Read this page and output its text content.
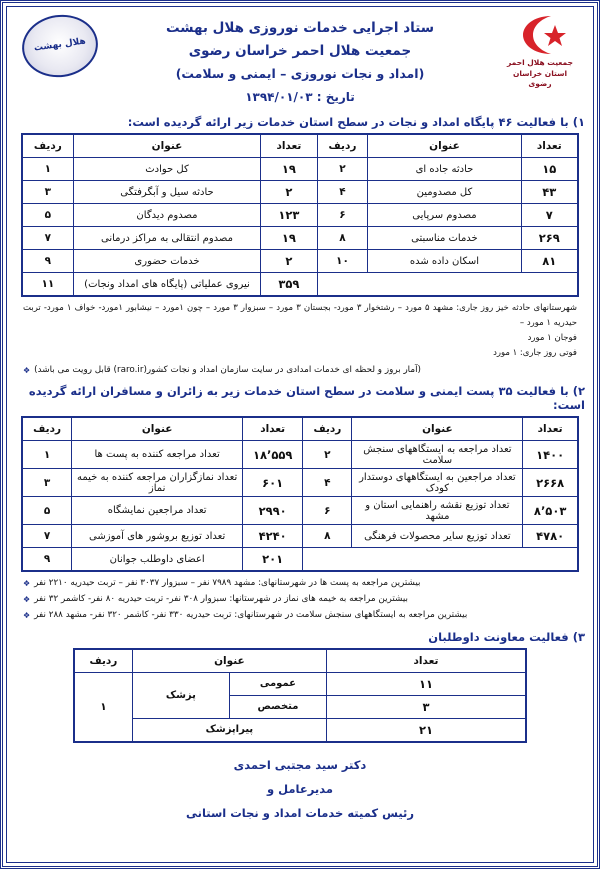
جمعیت هلال احمر
استان خراسان رضوی
ستاد اجرایی خدمات نوروزی هلال بهشت
جمعیت هلال احمر خراسان رضوی
(امداد و نجات نوروزی – ایمنی و سلامت)
تاریخ : ۱۳۹۴/۰۱/۰۳
هلال بهشت
۱) با فعالیت ۴۶ پایگاه امداد و نجات در سطح استان خدمات زیر ارائه گردیده است:
تعداد	عنوان	ردیف	تعداد	عنوان	ردیف
۱۵	حادثه جاده ای	۲	۱۹	کل حوادث	۱
۴۳	کل مصدومین	۴	۲	حادثه سیل و آبگرفتگی	۳
۷	مصدوم سرپایی	۶	۱۲۳	مصدوم دیدگان	۵
۲۶۹	خدمات مناسبتی	۸	۱۹	مصدوم انتقالی به مراکز درمانی	۷
۸۱	اسکان داده شده	۱۰	۲	خدمات حضوری	۹
			۳۵۹	نیروی عملیاتی (پایگاه های امداد ونجات)	۱۱
شهرستانهای حادثه خیز روز جاری: مشهد ۵ مورد – رشتخوار ۳ مورد- بجستان ۳ مورد – سبزوار ۳ مورد – چون ۱مورد – نیشابور ۱مورد- خواف ۱ مورد- تربت حیدریه ۱ مورد –
فوجان ۱ مورد
فوتی روز جاری: ۱ مورد
(آمار بروز و لحظه ای خدمات امدادی در سایت سازمان امداد و نجات کشور(raro.ir) قابل رویت می باشد)
❖
۲) با فعالیت ۳۵ پست ایمنی و سلامت در سطح استان خدمات زیر به زائران و مسافران ارائه گردیده است:
تعداد	عنوان	ردیف	تعداد	عنوان	ردیف
۱۴۰۰	تعداد مراجعه به ایستگاههای سنجش سلامت	۲	۱۸٬۵۵۹	تعداد مراجعه کننده به پست ها	۱
۲۶۶۸	تعداد مراجعین به ایستگاههای دوستدار کودک	۴	۶۰۱	تعداد نمازگزاران مراجعه کننده به خیمه نماز	۳
۸٬۵۰۳	تعداد توزیع نقشه راهنمایی استان و مشهد	۶	۲۹۹۰	تعداد مراجعین نمایشگاه	۵
۴۷۸۰	تعداد توزیع سایر محصولات فرهنگی	۸	۴۲۴۰	تعداد توزیع بروشور های آموزشی	۷
			۲۰۱	اعضای داوطلب جوانان	۹
بیشترین مراجعه به پست ها در شهرستانهای: مشهد ۷۹۸۹ نفر – سبزوار ۳۰۳۷ نفر – تربت حیدریه ۲۲۱۰ نفر
❖
بیشترین مراجعه به خیمه های نماز در شهرستانها: سبزوار ۳۰۸ نفر- تربت حیدریه ۸۰ نفر- کاشمر ۳۲ نفر
❖
بیشترین مراجعه به ایستگاههای سنجش سلامت در شهرستانهای: تربت حیدریه ۳۳۰ نفر- کاشمر ۳۲۰ نفر- مشهد ۲۸۸ نفر
❖
۳) فعالیت معاونت داوطلبان
تعداد	عنوان		ردیف
۱۱	عمومی	پزشک	۱
۳	متخصص		
۲۱	پیراپزشک		
دکتر سید مجتبی احمدی
مدیرعامل و
رئیس کمیته خدمات امداد و نجات استانی
